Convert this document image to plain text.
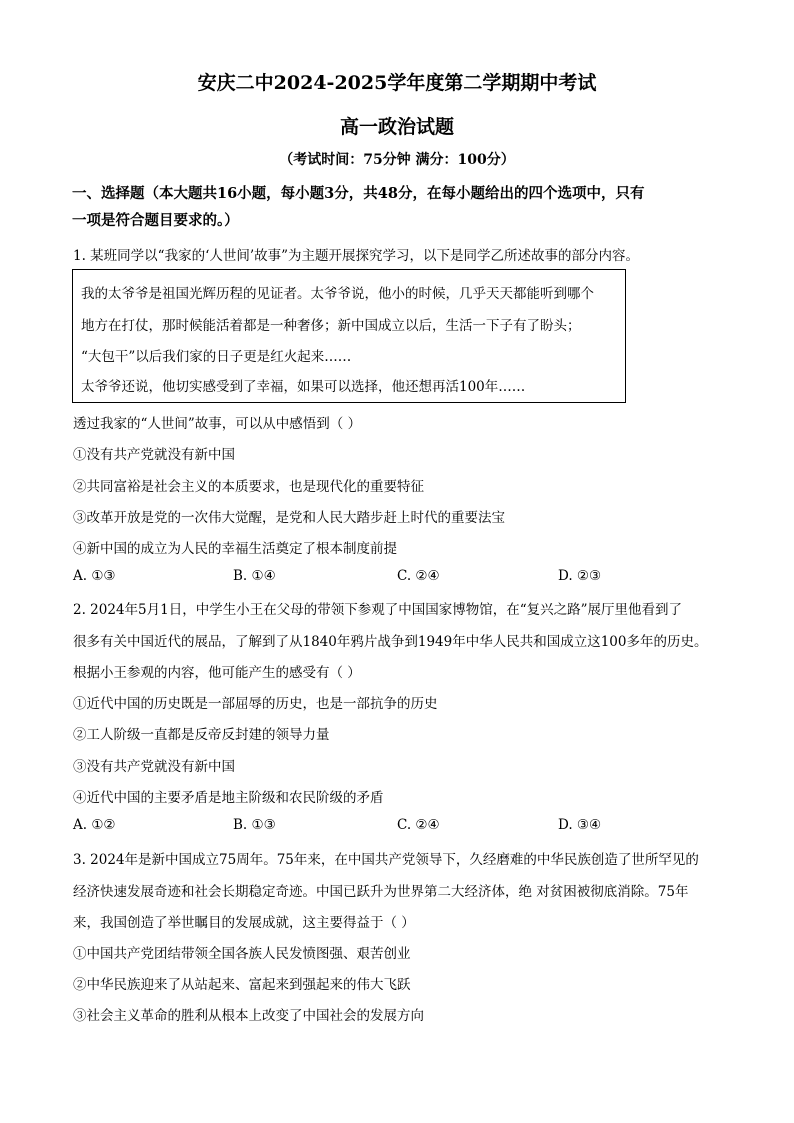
安庆二中2024-2025学年度第二学期期中考试
高一政治试题
（考试时间：75分钟 满分：100分）
一、选择题（本大题共16小题，每小题3分，共48分，在每小题给出的四个选项中，只有
一项是符合题目要求的。）
1. 某班同学以“我家的‘人世间’故事”为主题开展探究学习，以下是同学乙所述故事的部分内容。
我的太爷爷是祖国光辉历程的见证者。太爷爷说，他小的时候，几乎天天都能听到哪个
地方在打仗，那时候能活着都是一种奢侈；新中国成立以后，生活一下子有了盼头；
“大包干”以后我们家的日子更是红火起来……
太爷爷还说，他切实感受到了幸福，如果可以选择，他还想再活100年……
透过我家的“人世间”故事，可以从中感悟到（ ）
①没有共产党就没有新中国
②共同富裕是社会主义的本质要求，也是现代化的重要特征
③改革开放是党的一次伟大觉醒，是党和人民大踏步赶上时代的重要法宝
④新中国的成立为人民的幸福生活奠定了根本制度前提
A. ①③	B. ①④	C. ②④	D. ②③
2. 2024年5月1日，中学生小王在父母的带领下参观了中国国家博物馆，在“复兴之路”展厅里他看到了
很多有关中国近代的展品，了解到了从1840年鸦片战争到1949年中华人民共和国成立这100多年的历史。
根据小王参观的内容，他可能产生的感受有（ ）
①近代中国的历史既是一部屈辱的历史，也是一部抗争的历史
②工人阶级一直都是反帝反封建的领导力量
③没有共产党就没有新中国
④近代中国的主要矛盾是地主阶级和农民阶级的矛盾
A. ①②	B. ①③	C. ②④	D. ③④
3. 2024年是新中国成立75周年。75年来，在中国共产党领导下，久经磨难的中华民族创造了世所罕见的
经济快速发展奇迹和社会长期稳定奇迹。中国已跃升为世界第二大经济体，绝 对贫困被彻底消除。75年
来，我国创造了举世瞩目的发展成就，这主要得益于（ ）
①中国共产党团结带领全国各族人民发愤图强、艰苦创业
②中华民族迎来了从站起来、富起来到强起来的伟大飞跃
③社会主义革命的胜利从根本上改变了中国社会的发展方向
